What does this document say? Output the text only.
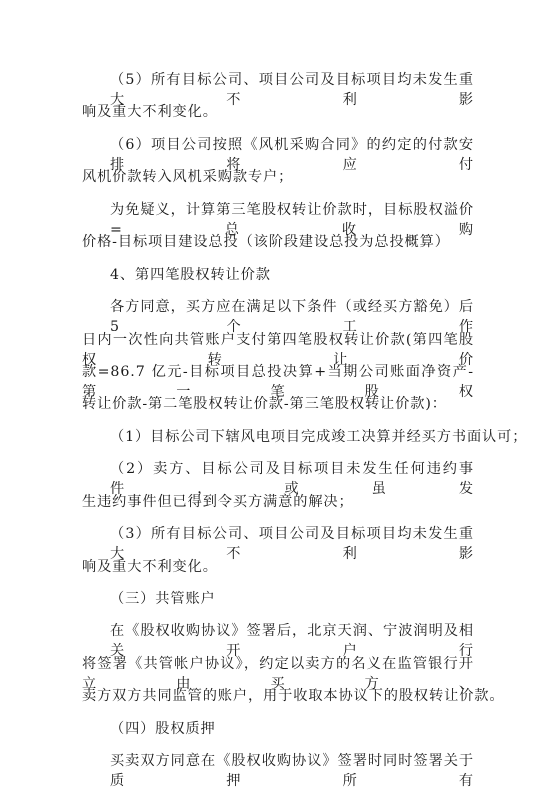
（5）所有目标公司、项目公司及目标项目均未发生重大不利影
响及重大不利变化。
（6）项目公司按照《风机采购合同》的约定的付款安排将应付
风机价款转入风机采购款专户；
为免疑义，计算第三笔股权转让价款时，目标股权溢价=总收购
价格-目标项目建设总投（该阶段建设总投为总投概算）
4、第四笔股权转让价款
各方同意，买方应在满足以下条件（或经买方豁免）后 5 个工作
日内一次性向共管账户支付第四笔股权转让价款(第四笔股权转让价
款=86.7 亿元-目标项目总投决算+当期公司账面净资产-第一笔股权
转让价款-第二笔股权转让价款-第三笔股权转让价款)：
（1）目标公司下辖风电项目完成竣工决算并经买方书面认可；
（2）卖方、目标公司及目标项目未发生任何违约事件，或虽发
生违约事件但已得到令买方满意的解决；
（3）所有目标公司、项目公司及目标项目均未发生重大不利影
响及重大不利变化。
（三）共管账户
在《股权收购协议》签署后，北京天润、宁波润明及相关开户行
将签署《共管帐户协议》，约定以卖方的名义在监管银行开立由买方、
卖方双方共同监管的账户，用于收取本协议下的股权转让价款。
（四）股权质押
买卖双方同意在《股权收购协议》签署时同时签署关于质押所有
